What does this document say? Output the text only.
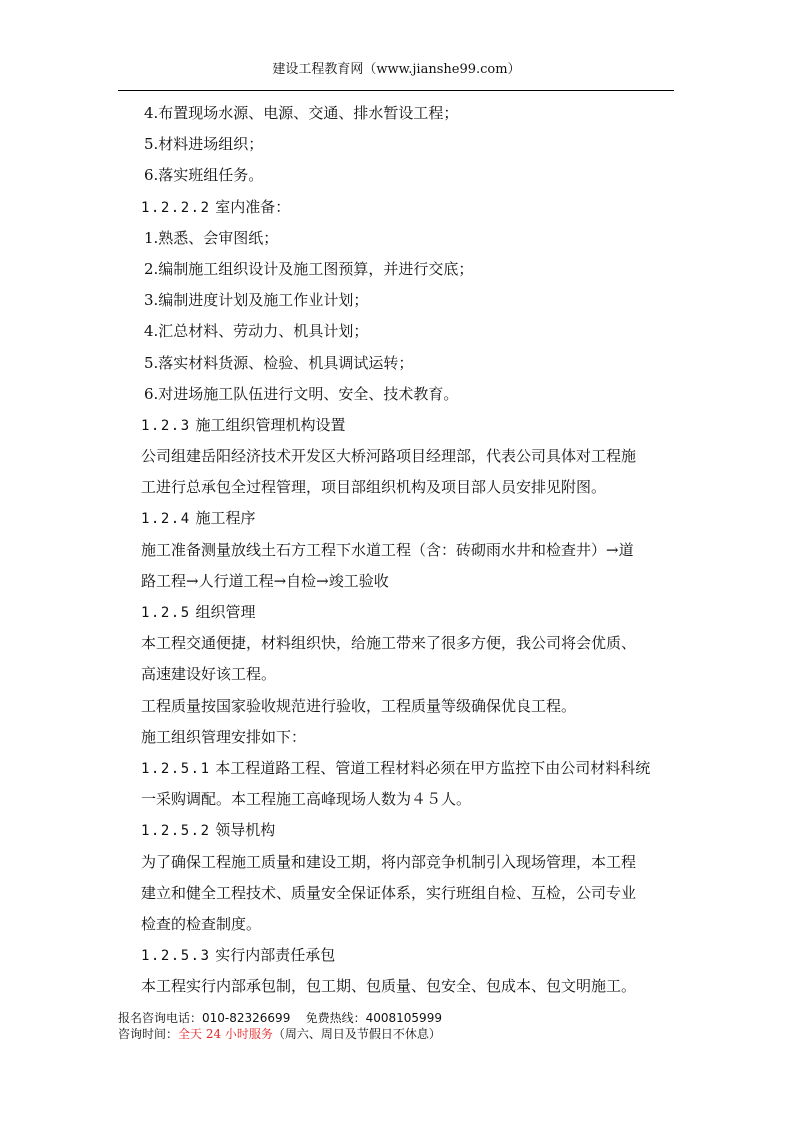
建设工程教育网（www.jianshe99.com）
4.布置现场水源、电源、交通、排水暂设工程；
5.材料进场组织；
6.落实班组任务。
1.2.2.2 室内准备：
1.熟悉、会审图纸；
2.编制施工组织设计及施工图预算，并进行交底；
3.编制进度计划及施工作业计划；
4.汇总材料、劳动力、机具计划；
5.落实材料货源、检验、机具调试运转；
6.对进场施工队伍进行文明、安全、技术教育。
1.2.3 施工组织管理机构设置
公司组建岳阳经济技术开发区大桥河路项目经理部，代表公司具体对工程施
工进行总承包全过程管理，项目部组织机构及项目部人员安排见附图。
1.2.4 施工程序
施工准备测量放线土石方工程下水道工程（含：砖砌雨水井和检查井）→道
路工程→人行道工程→自检→竣工验收
1.2.5 组织管理
本工程交通便捷，材料组织快，给施工带来了很多方便，我公司将会优质、
高速建设好该工程。
工程质量按国家验收规范进行验收，工程质量等级确保优良工程。
施工组织管理安排如下：
1.2.5.1 本工程道路工程、管道工程材料必须在甲方监控下由公司材料科统
一采购调配。本工程施工高峰现场人数为４５人。
1.2.5.2 领导机构
为了确保工程施工质量和建设工期，将内部竞争机制引入现场管理，本工程
建立和健全工程技术、质量安全保证体系，实行班组自检、互检，公司专业
检查的检查制度。
1.2.5.3 实行内部责任承包
本工程实行内部承包制，包工期、包质量、包安全、包成本、包文明施工。
报名咨询电话：010-82326699 免费热线：4008105999
咨询时间：全天 24 小时服务（周六、周日及节假日不休息）
